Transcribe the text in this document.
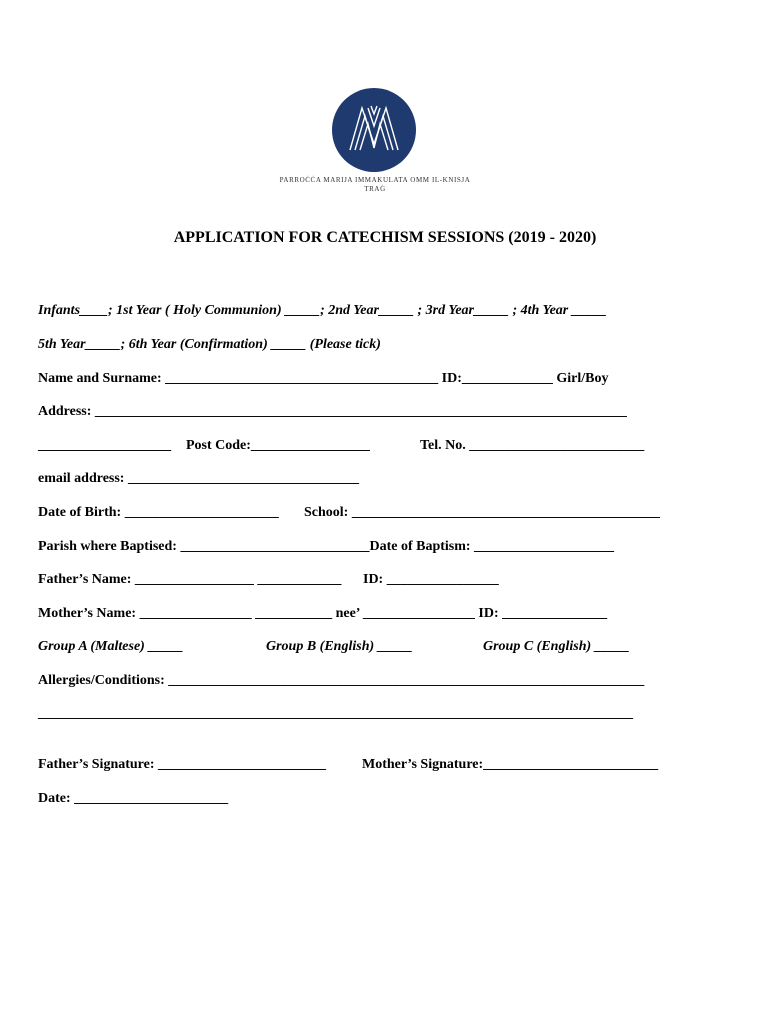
PARROĊĊA MARIJA IMMAKULATA OMM IL-KNISJA
TRAĠ
APPLICATION FOR CATECHISM SESSIONS (2019 - 2020)
Infants____; 1st Year ( Holy Communion) _____; 2nd Year_____ ; 3rd Year_____ ; 4th Year _____
5th Year_____; 6th Year (Confirmation) _____ (Please tick)
Name and Surname: _______________________________________ ID:_____________ Girl/Boy
Address: ____________________________________________________________________________
___________________ Post Code:_________________	Tel. No. _________________________
email address: _________________________________
Date of Birth: ______________________ School: ____________________________________________
Parish where Baptised: ___________________________Date of Baptism: ____________________
Father’s Name: _________________ ____________ ID: ________________
Mother’s Name: ________________ ___________ nee’ ________________ ID: _______________
Group A (Maltese) _____	Group B (English) _____	Group C (English) _____
Allergies/Conditions: ____________________________________________________________________
_____________________________________________________________________________________
Father’s Signature: ________________________	Mother’s Signature:_________________________
Date: ______________________
